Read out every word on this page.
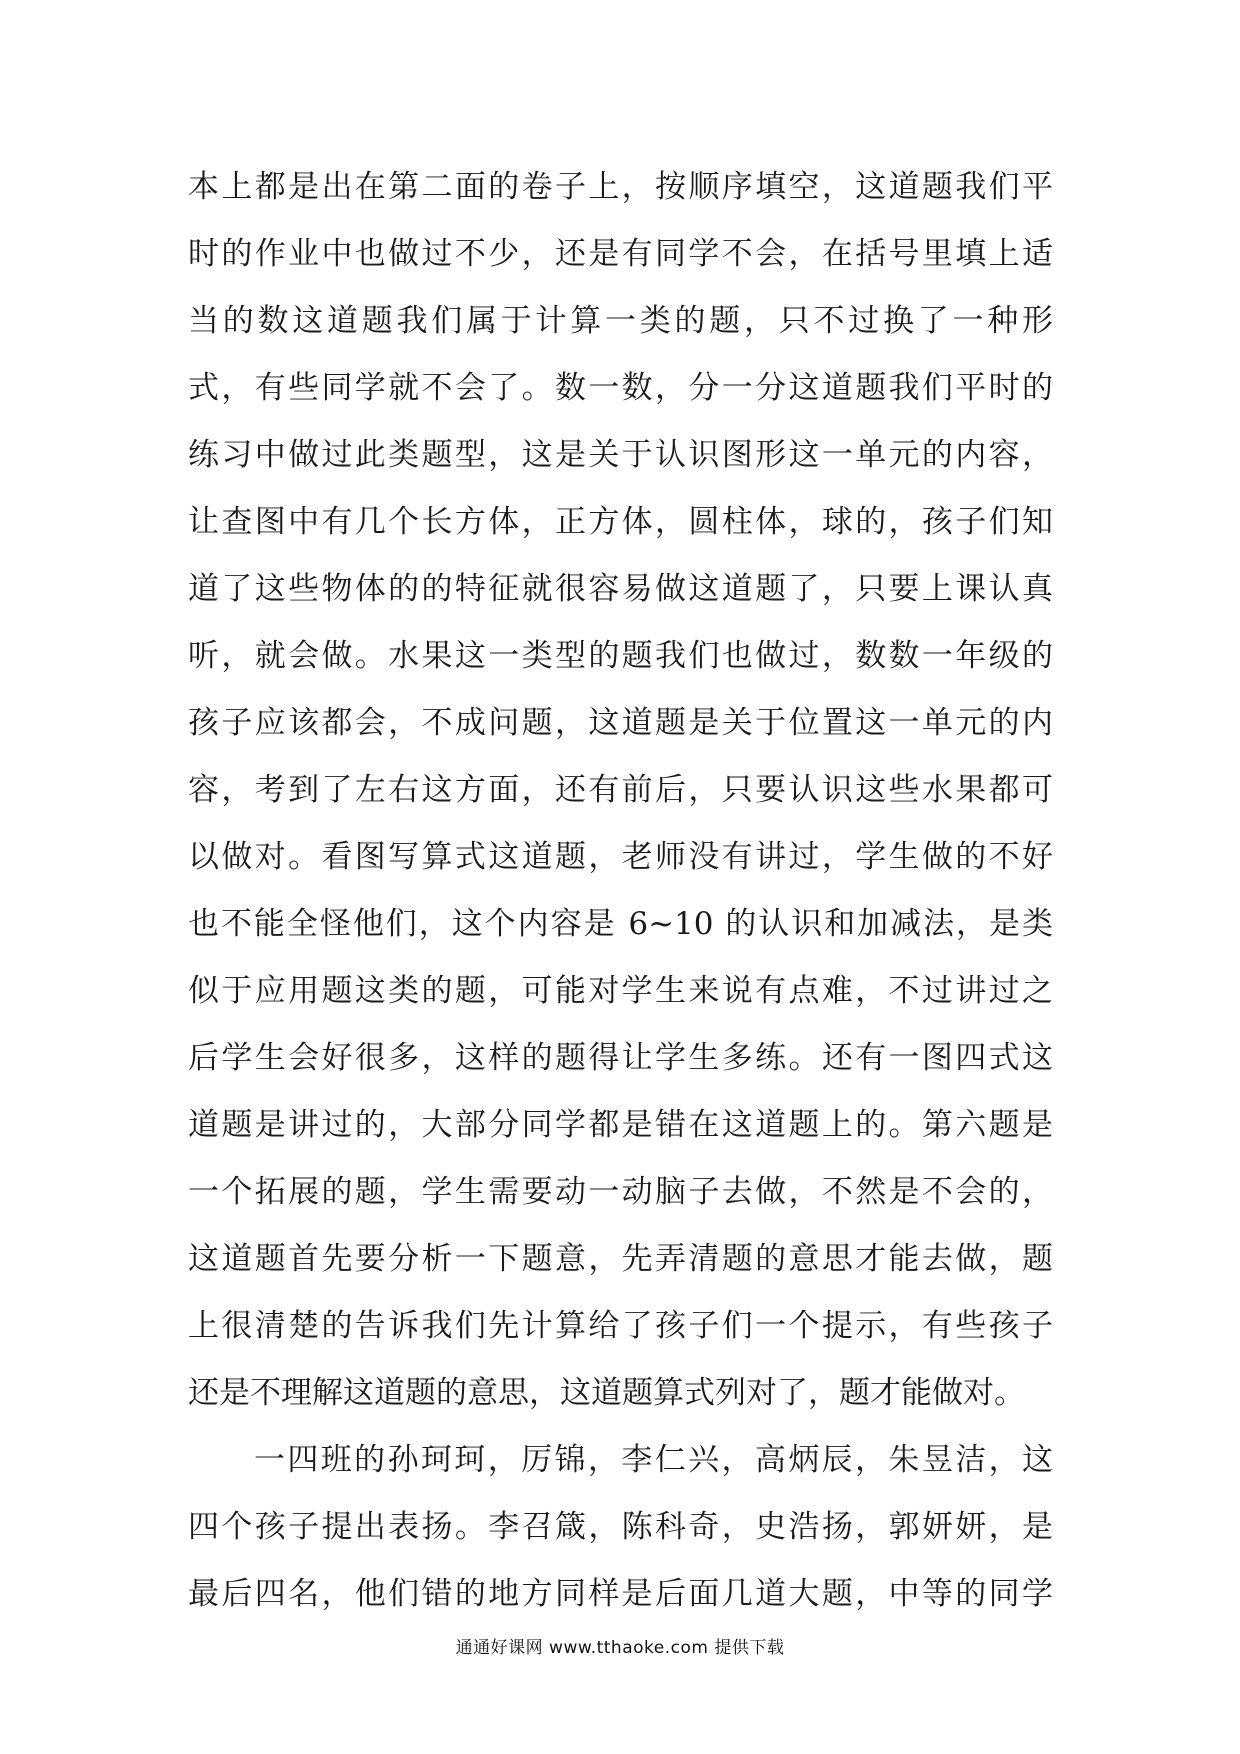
本上都是出在第二面的卷子上，按顺序填空，这道题我们平
时的作业中也做过不少，还是有同学不会，在括号里填上适
当的数这道题我们属于计算一类的题，只不过换了一种形
式，有些同学就不会了。数一数，分一分这道题我们平时的
练习中做过此类题型，这是关于认识图形这一单元的内容，
让查图中有几个长方体，正方体，圆柱体，球的，孩子们知
道了这些物体的的特征就很容易做这道题了，只要上课认真
听，就会做。水果这一类型的题我们也做过，数数一年级的
孩子应该都会，不成问题，这道题是关于位置这一单元的内
容，考到了左右这方面，还有前后，只要认识这些水果都可
以做对。看图写算式这道题，老师没有讲过，学生做的不好
也不能全怪他们，这个内容是 6~10 的认识和加减法，是类
似于应用题这类的题，可能对学生来说有点难，不过讲过之
后学生会好很多，这样的题得让学生多练。还有一图四式这
道题是讲过的，大部分同学都是错在这道题上的。第六题是
一个拓展的题，学生需要动一动脑子去做，不然是不会的，
这道题首先要分析一下题意，先弄清题的意思才能去做，题
上很清楚的告诉我们先计算给了孩子们一个提示，有些孩子
还是不理解这道题的意思，这道题算式列对了，题才能做对。
一四班的孙珂珂，厉锦，李仁兴，高炳辰，朱昱洁，这
四个孩子提出表扬。李召箴，陈科奇，史浩扬，郭妍妍，是
最后四名，他们错的地方同样是后面几道大题，中等的同学
通通好课网 www.tthaoke.com 提供下载
